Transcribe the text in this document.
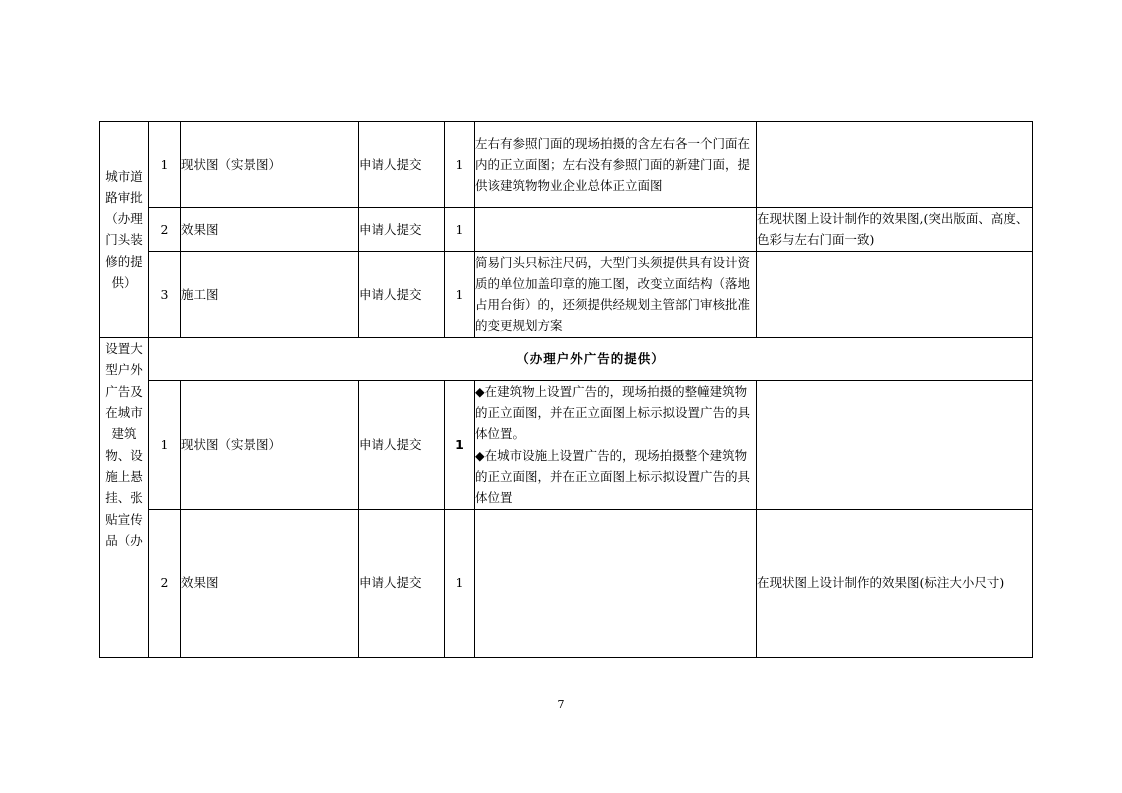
城市道路审批（办理门头装修的提供）	1	现状图（实景图）	申请人提交	1	左右有参照门面的现场拍摄的含左右各一个门面在内的正立面图；左右没有参照门面的新建门面，提供该建筑物物业企业总体正立面图	
	2	效果图	申请人提交	1		在现状图上设计制作的效果图,(突出版面、高度、色彩与左右门面一致)
	3	施工图	申请人提交	1	简易门头只标注尺码，大型门头须提供具有设计资质的单位加盖印章的施工图，改变立面结构（落地占用台街）的，还须提供经规划主管部门审核批准的变更规划方案	

设置大型户外广告及在城市建筑物、设施上悬挂、张贴宣传品（办	（办理户外广告的提供）					
	1	现状图（实景图）	申请人提交	1	◆在建筑物上设置广告的，现场拍摄的整幢建筑物的正立面图，并在正立面图上标示拟设置广告的具体位置。
◆在城市设施上设置广告的，现场拍摄整个建筑物的正立面图，并在正立面图上标示拟设置广告的具体位置	

	2	效果图	申请人提交	1		在现状图上设计制作的效果图(标注大小尺寸)
7
